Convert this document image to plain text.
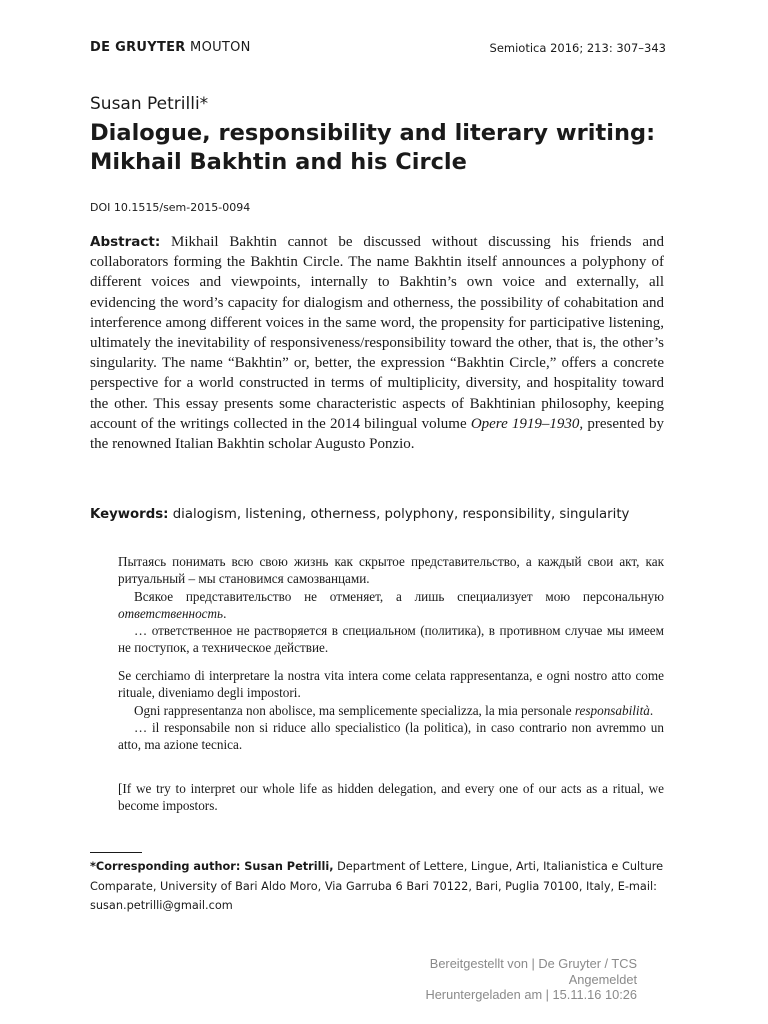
DE GRUYTER MOUTON	Semiotica 2016; 213: 307–343
Susan Petrilli*
Dialogue, responsibility and literary writing:
Mikhail Bakhtin and his Circle
DOI 10.1515/sem-2015-0094

Abstract: Mikhail Bakhtin cannot be discussed without discussing his friends and collaborators forming the Bakhtin Circle. The name Bakhtin itself announces a polyphony of different voices and viewpoints, internally to Bakhtin’s own voice and externally, all evidencing the word’s capacity for dialogism and otherness, the possibility of cohabitation and interference among different voices in the same word, the propensity for participative listening, ultimately the inevitability of responsiveness/responsibility toward the other, that is, the other’s singularity. The name “Bakhtin” or, better, the expression “Bakhtin Circle,” offers a concrete perspective for a world constructed in terms of multiplicity, diversity, and hospitality toward the other. This essay presents some characteristic aspects of Bakhtinian philosophy, keeping account of the writings collected in the 2014 bilingual volume Opere 1919–1930, presented by the renowned Italian Bakhtin scholar Augusto Ponzio.

Keywords: dialogism, listening, otherness, polyphony, responsibility, singularity

Пытаясь понимать всю свою жизнь как скрытое представительство, а каждый свои акт, как ритуальный – мы становимся самозванцами.
Всякое представительство не отменяет, а лишь специализует мою персональную ответственность.
… ответственное не растворяется в специальном (политика), в противном случае мы имеем не поступок, а техническое действие.
Se cerchiamo di interpretare la nostra vita intera come celata rappresentanza, e ogni nostro atto come rituale, diveniamo degli impostori.
Ogni rappresentanza non abolisce, ma semplicemente specializza, la mia personale responsabilità.
… il responsabile non si riduce allo specialistico (la politica), in caso contrario non avremmo un atto, ma azione tecnica.
[If we try to interpret our whole life as hidden delegation, and every one of our acts as a ritual, we become impostors.

*Corresponding author: Susan Petrilli, Department of Lettere, Lingue, Arti, Italianistica e Culture Comparate, University of Bari Aldo Moro, Via Garruba 6 Bari 70122, Bari, Puglia 70100, Italy, E-mail: susan.petrilli@gmail.com

Bereitgestellt von | De Gruyter / TCS
Angemeldet
Heruntergeladen am | 15.11.16 10:26
